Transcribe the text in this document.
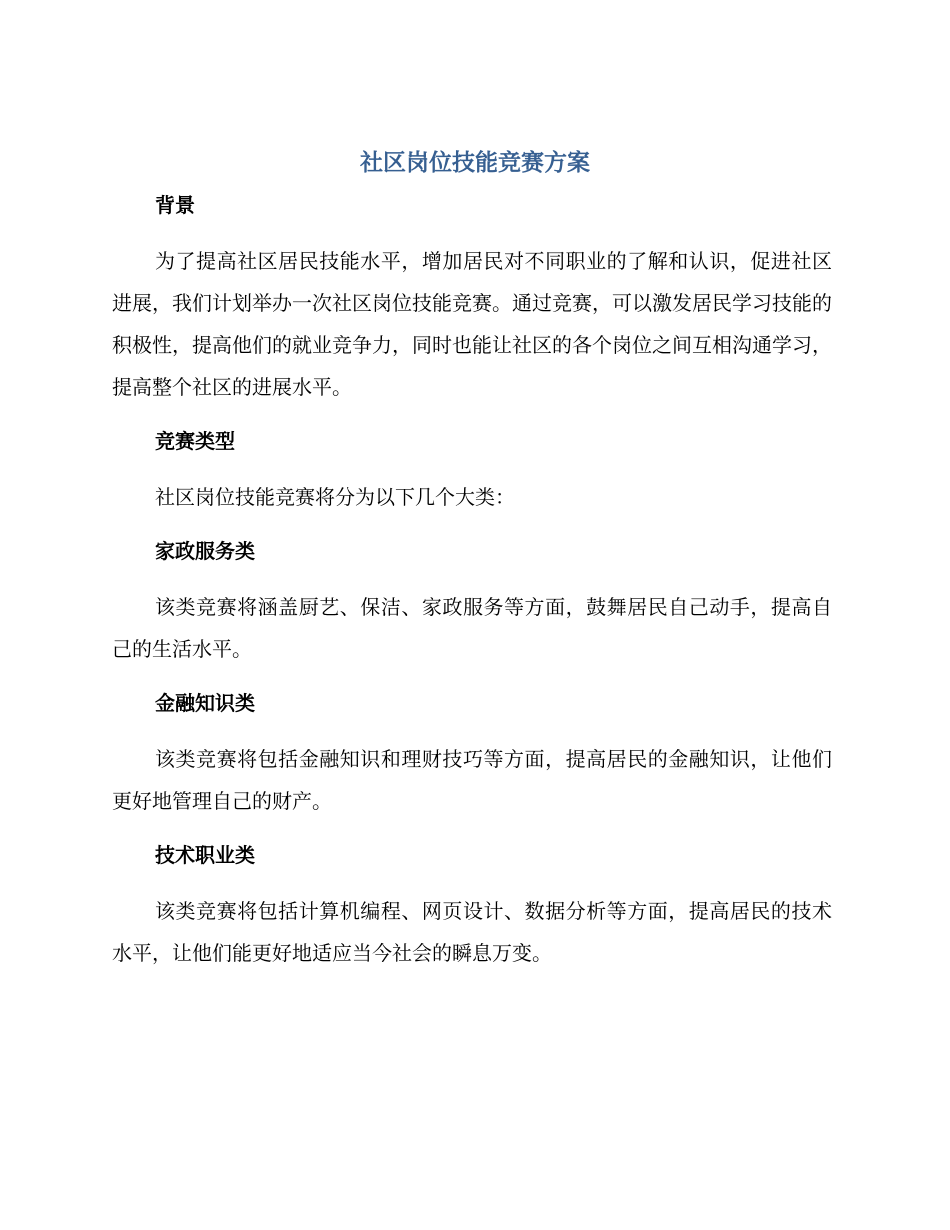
社区岗位技能竞赛方案
背景

为了提高社区居民技能水平，增加居民对不同职业的了解和认识，促进社区进展，我们计划举办一次社区岗位技能竞赛。通过竞赛，可以激发居民学习技能的积极性，提高他们的就业竞争力，同时也能让社区的各个岗位之间互相沟通学习，提高整个社区的进展水平。

竞赛类型

社区岗位技能竞赛将分为以下几个大类：

家政服务类

该类竞赛将涵盖厨艺、保洁、家政服务等方面，鼓舞居民自己动手，提高自己的生活水平。

金融知识类

该类竞赛将包括金融知识和理财技巧等方面，提高居民的金融知识，让他们更好地管理自己的财产。

技术职业类

该类竞赛将包括计算机编程、网页设计、数据分析等方面，提高居民的技术水平，让他们能更好地适应当今社会的瞬息万变。
